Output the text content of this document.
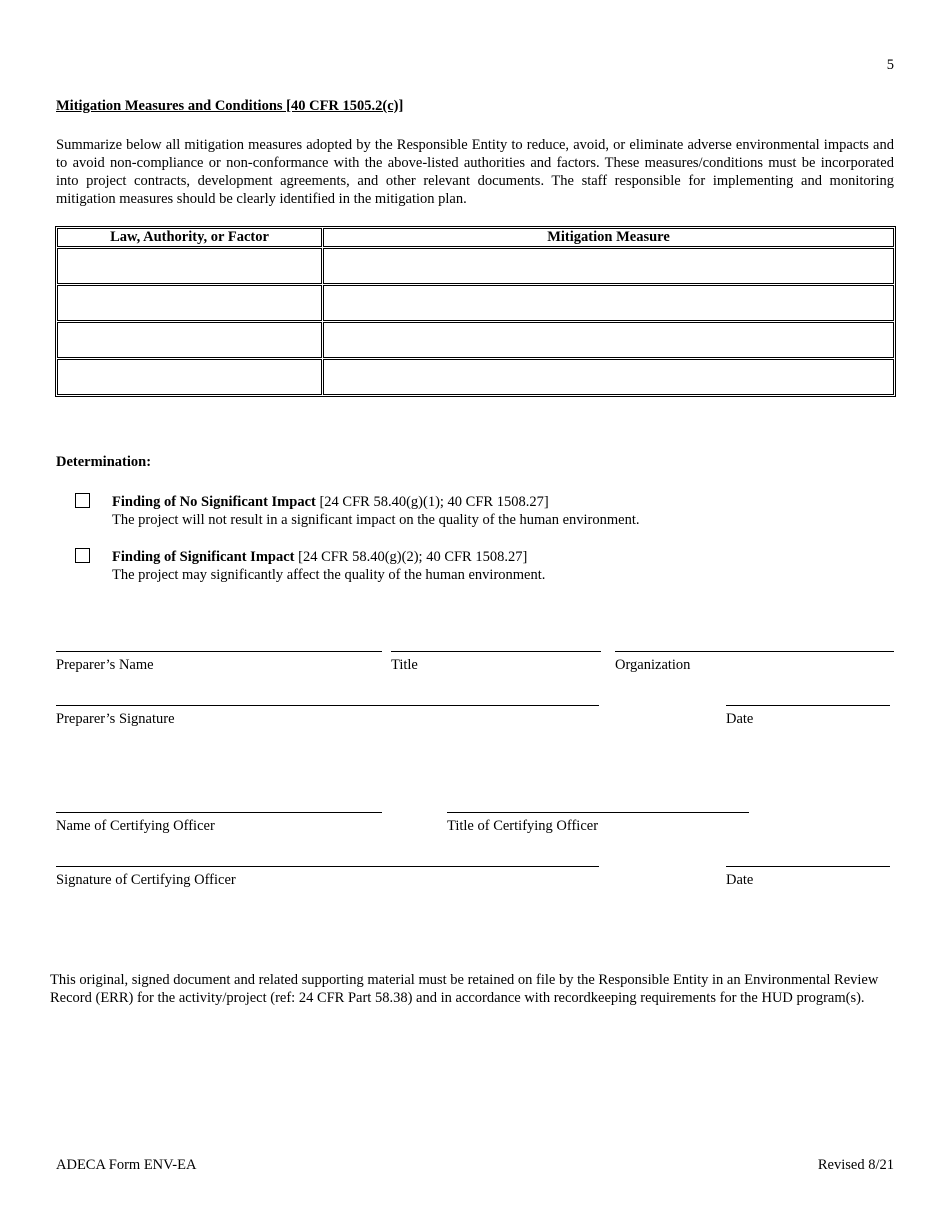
5
Mitigation Measures and Conditions [40 CFR 1505.2(c)]
Summarize below all mitigation measures adopted by the Responsible Entity to reduce, avoid, or eliminate adverse environmental impacts and to avoid non-compliance or non-conformance with the above-listed authorities and factors. These measures/conditions must be incorporated into project contracts, development agreements, and other relevant documents. The staff responsible for implementing and monitoring mitigation measures should be clearly identified in the mitigation plan.
Law, Authority, or Factor	Mitigation Measure

Determination:
Finding of No Significant Impact [24 CFR 58.40(g)(1); 40 CFR 1508.27]
The project will not result in a significant impact on the quality of the human environment.
Finding of Significant Impact [24 CFR 58.40(g)(2); 40 CFR 1508.27]
The project may significantly affect the quality of the human environment.
Preparer’s Name	Title	Organization
Preparer’s Signature	Date
Name of Certifying Officer	Title of Certifying Officer
Signature of Certifying Officer	Date
This original, signed document and related supporting material must be retained on file by the Responsible Entity in an Environmental Review Record (ERR) for the activity/project (ref: 24 CFR Part 58.38) and in accordance with recordkeeping requirements for the HUD program(s).
ADECA Form ENV-EA	Revised 8/21
